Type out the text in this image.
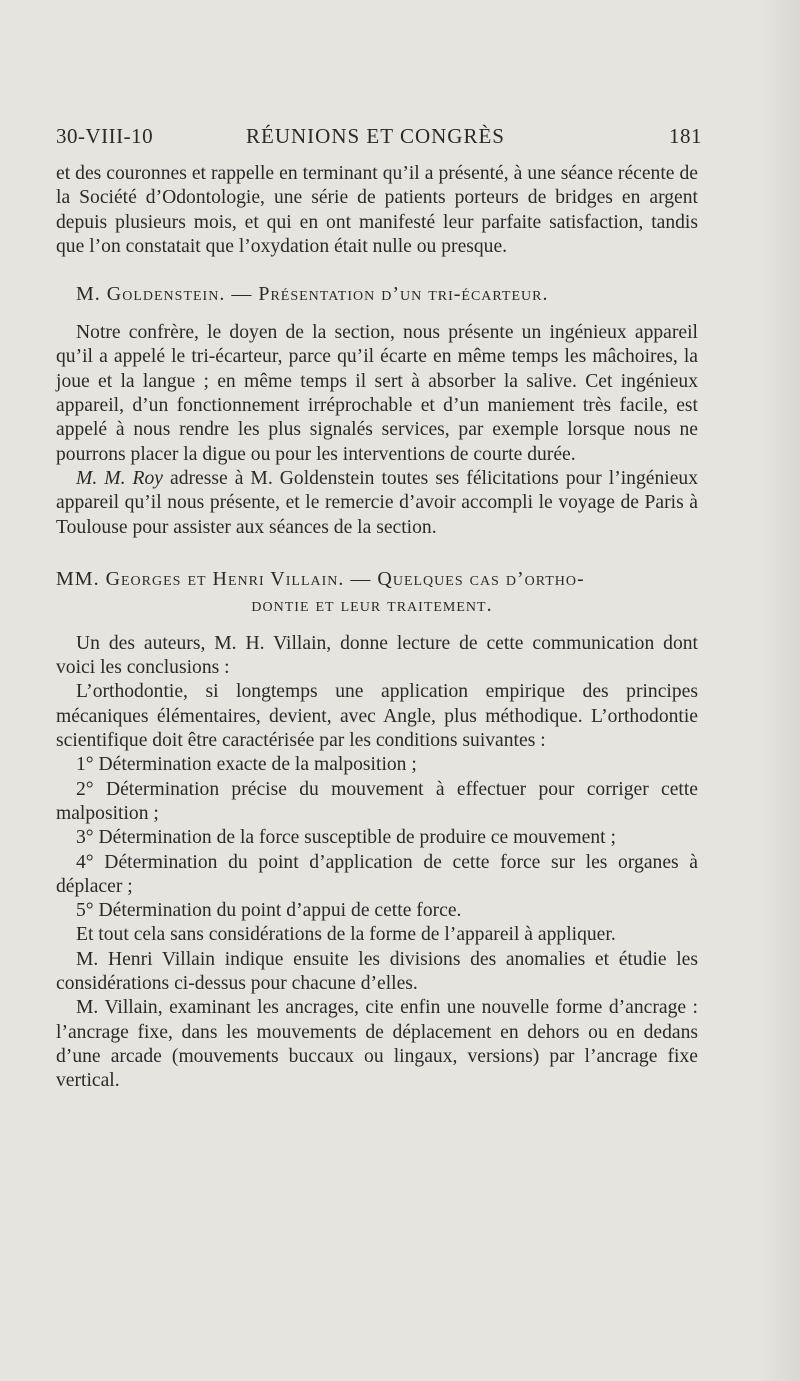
30-VIII-10	RÉUNIONS ET CONGRÈS	181

et des couronnes et rappelle en terminant qu’il a présenté, à une séance récente de la Société d’Odontologie, une série de patients porteurs de bridges en argent depuis plusieurs mois, et qui en ont manifesté leur parfaite satisfaction, tandis que l’on constatait que l’oxydation était nulle ou presque.

M. Goldenstein. — Présentation d’un tri-écarteur.

Notre confrère, le doyen de la section, nous présente un ingénieux appareil qu’il a appelé le tri-écarteur, parce qu’il écarte en même temps les mâchoires, la joue et la langue ; en même temps il sert à absorber la salive. Cet ingénieux appareil, d’un fonctionnement irréprochable et d’un maniement très facile, est appelé à nous rendre les plus signalés services, par exemple lorsque nous ne pourrons placer la digue ou pour les interventions de courte durée.

M. M. Roy adresse à M. Goldenstein toutes ses félicitations pour l’ingénieux appareil qu’il nous présente, et le remercie d’avoir accompli le voyage de Paris à Toulouse pour assister aux séances de la section.

MM. Georges et Henri Villain. — Quelques cas d’ortho-
dontie et leur traitement.

Un des auteurs, M. H. Villain, donne lecture de cette communication dont voici les conclusions :

L’orthodontie, si longtemps une application empirique des principes mécaniques élémentaires, devient, avec Angle, plus méthodique. L’orthodontie scientifique doit être caractérisée par les conditions suivantes :

1° Détermination exacte de la malposition ;

2° Détermination précise du mouvement à effectuer pour corriger cette malposition ;

3° Détermination de la force susceptible de produire ce mouvement ;

4° Détermination du point d’application de cette force sur les organes à déplacer ;

5° Détermination du point d’appui de cette force.

Et tout cela sans considérations de la forme de l’appareil à appliquer.

M. Henri Villain indique ensuite les divisions des anomalies et étudie les considérations ci-dessus pour chacune d’elles.

M. Villain, examinant les ancrages, cite enfin une nouvelle forme d’ancrage : l’ancrage fixe, dans les mouvements de déplacement en dehors ou en dedans d’une arcade (mouvements buccaux ou lingaux, versions) par l’ancrage fixe vertical.
